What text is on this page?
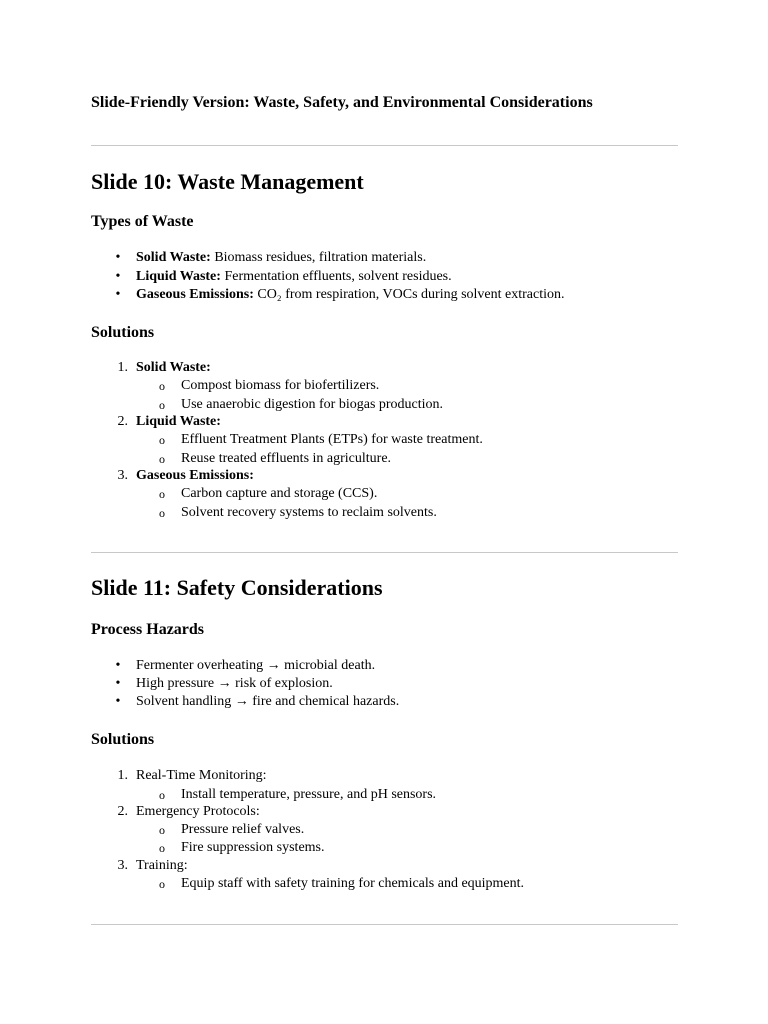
Slide-Friendly Version: Waste, Safety, and Environmental Considerations

Slide 10: Waste Management
Types of Waste
• Solid Waste: Biomass residues, filtration materials.
• Liquid Waste: Fermentation effluents, solvent residues.
• Gaseous Emissions: CO₂ from respiration, VOCs during solvent extraction.
Solutions
1. Solid Waste:
o Compost biomass for biofertilizers.
o Use anaerobic digestion for biogas production.
2. Liquid Waste:
o Effluent Treatment Plants (ETPs) for waste treatment.
o Reuse treated effluents in agriculture.
3. Gaseous Emissions:
o Carbon capture and storage (CCS).
o Solvent recovery systems to reclaim solvents.
Slide 11: Safety Considerations
Process Hazards
• Fermenter overheating → microbial death.
• High pressure → risk of explosion.
• Solvent handling → fire and chemical hazards.
Solutions
1. Real-Time Monitoring:
o Install temperature, pressure, and pH sensors.
2. Emergency Protocols:
o Pressure relief valves.
o Fire suppression systems.
3. Training:
o Equip staff with safety training for chemicals and equipment.
